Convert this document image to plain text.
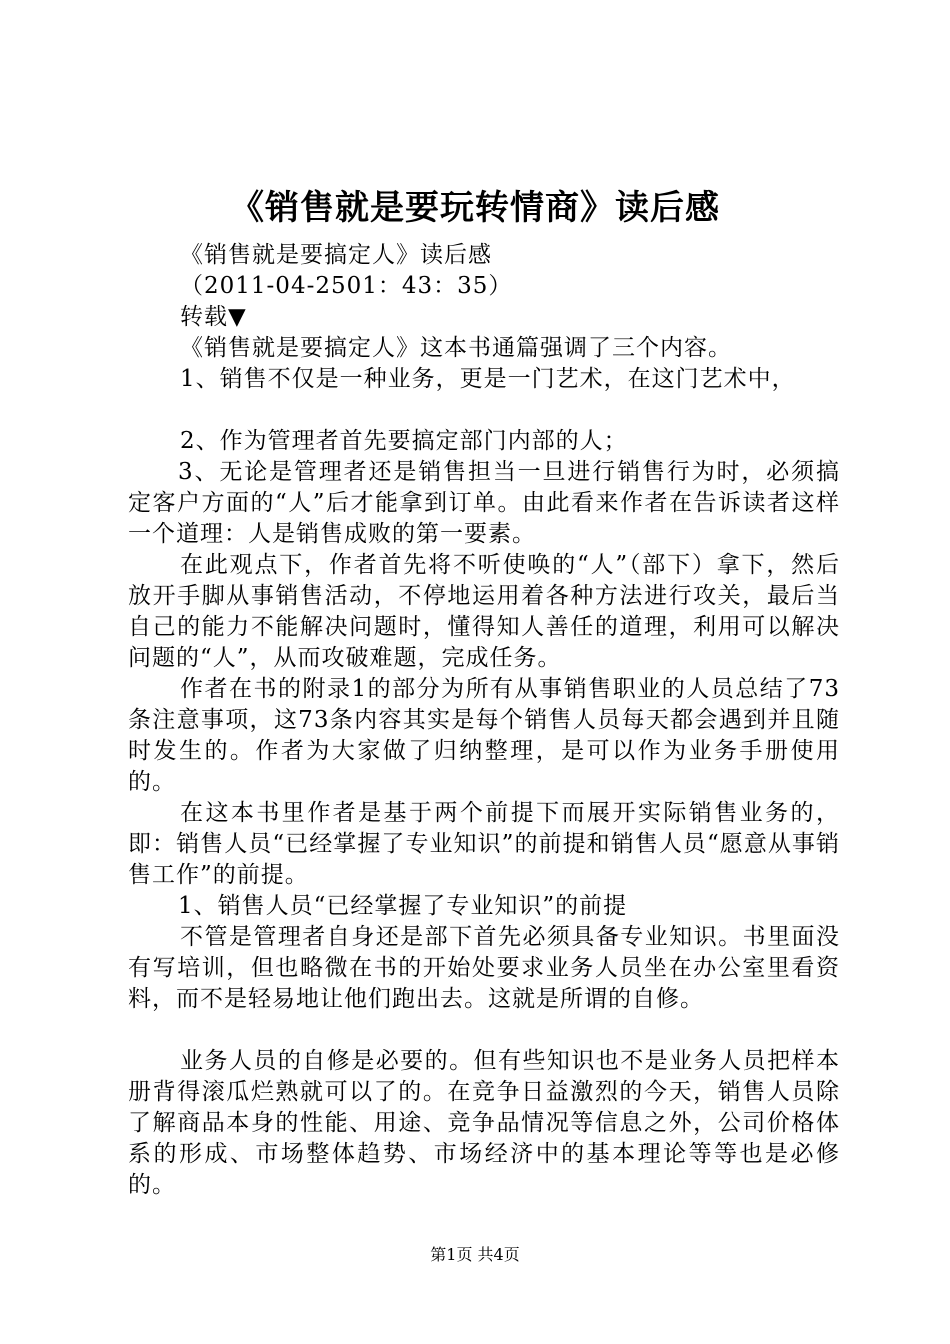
《销售就是要玩转情商》读后感

《销售就是要搞定人》读后感

（2011-04-2501：43：35）

转载▼

《销售就是要搞定人》这本书通篇强调了三个内容。

1、销售不仅是一种业务，更是一门艺术，在这门艺术中，

2、作为管理者首先要搞定部门内部的人；

3、无论是管理者还是销售担当一旦进行销售行为时，必须搞定客户方面的“人”后才能拿到订单。由此看来作者在告诉读者这样一个道理：人是销售成败的第一要素。

在此观点下，作者首先将不听使唤的“人”（部下）拿下，然后放开手脚从事销售活动，不停地运用着各种方法进行攻关，最后当自己的能力不能解决问题时，懂得知人善任的道理，利用可以解决问题的“人”，从而攻破难题，完成任务。

作者在书的附录1的部分为所有从事销售职业的人员总结了73条注意事项，这73条内容其实是每个销售人员每天都会遇到并且随时发生的。作者为大家做了归纳整理，是可以作为业务手册使用的。

在这本书里作者是基于两个前提下而展开实际销售业务的，即：销售人员“已经掌握了专业知识”的前提和销售人员“愿意从事销售工作”的前提。

1、销售人员“已经掌握了专业知识”的前提

不管是管理者自身还是部下首先必须具备专业知识。书里面没有写培训，但也略微在书的开始处要求业务人员坐在办公室里看资料，而不是轻易地让他们跑出去。这就是所谓的自修。

业务人员的自修是必要的。但有些知识也不是业务人员把样本册背得滚瓜烂熟就可以了的。在竞争日益激烈的今天，销售人员除了解商品本身的性能、用途、竞争品情况等信息之外，公司价格体系的形成、市场整体趋势、市场经济中的基本理论等等也是必修的。

第1页 共4页
